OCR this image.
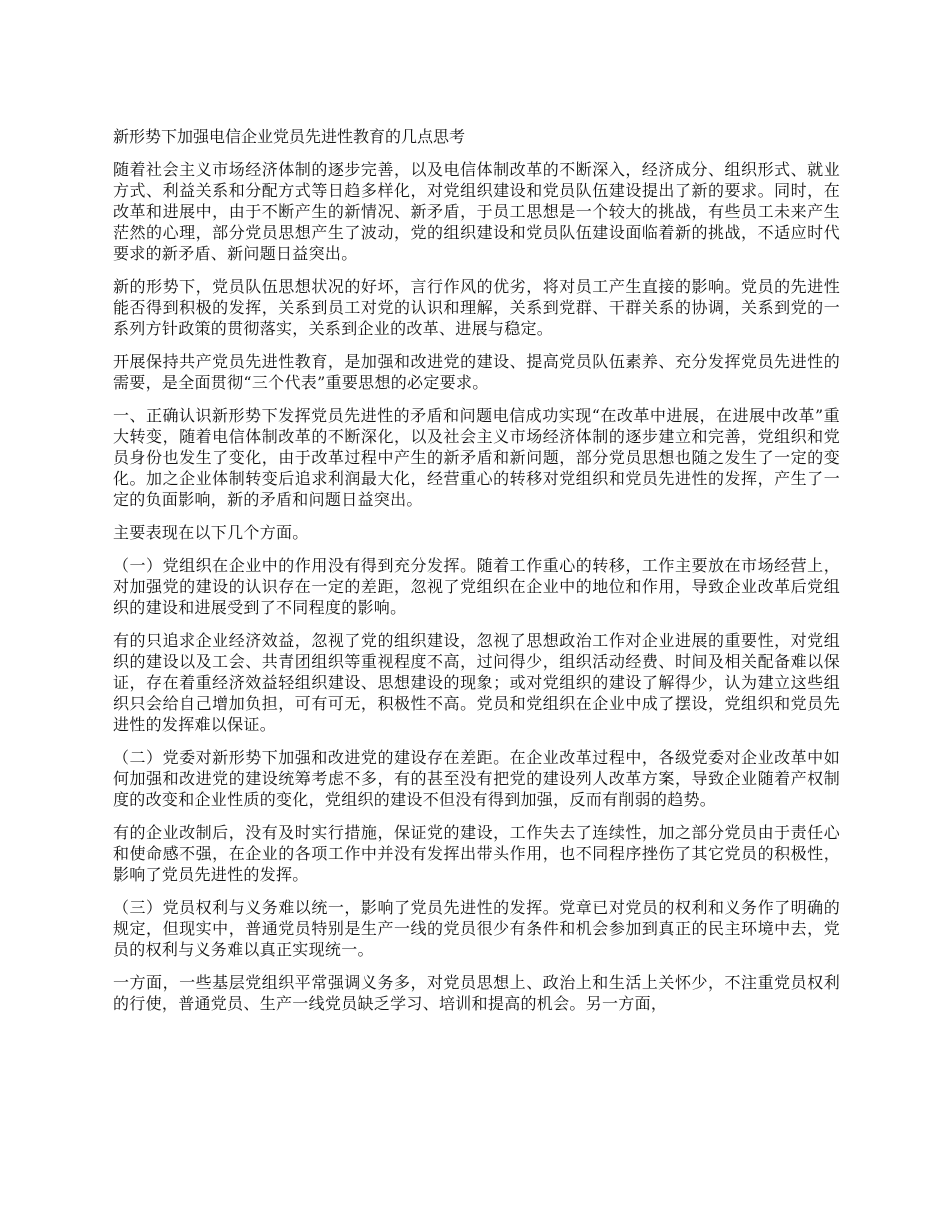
新形势下加强电信企业党员先进性教育的几点思考

随着社会主义市场经济体制的逐步完善，以及电信体制改革的不断深入，经济成分、组织形式、就业方式、利益关系和分配方式等日趋多样化，对党组织建设和党员队伍建设提出了新的要求。同时，在改革和进展中，由于不断产生的新情况、新矛盾，于员工思想是一个较大的挑战，有些员工未来产生茫然的心理，部分党员思想产生了波动，党的组织建设和党员队伍建设面临着新的挑战，不适应时代要求的新矛盾、新问题日益突出。

新的形势下，党员队伍思想状况的好坏，言行作风的优劣，将对员工产生直接的影响。党员的先进性能否得到积极的发挥，关系到员工对党的认识和理解，关系到党群、干群关系的协调，关系到党的一系列方针政策的贯彻落实，关系到企业的改革、进展与稳定。

开展保持共产党员先进性教育，是加强和改进党的建设、提高党员队伍素养、充分发挥党员先进性的需要，是全面贯彻“三个代表”重要思想的必定要求。

一、正确认识新形势下发挥党员先进性的矛盾和问题电信成功实现“在改革中进展，在进展中改革”重大转变，随着电信体制改革的不断深化，以及社会主义市场经济体制的逐步建立和完善，党组织和党员身份也发生了变化，由于改革过程中产生的新矛盾和新问题，部分党员思想也随之发生了一定的变化。加之企业体制转变后追求利润最大化，经营重心的转移对党组织和党员先进性的发挥，产生了一定的负面影响，新的矛盾和问题日益突出。

主要表现在以下几个方面。

（一）党组织在企业中的作用没有得到充分发挥。随着工作重心的转移，工作主要放在市场经营上，对加强党的建设的认识存在一定的差距，忽视了党组织在企业中的地位和作用，导致企业改革后党组织的建设和进展受到了不同程度的影响。

有的只追求企业经济效益，忽视了党的组织建设，忽视了思想政治工作对企业进展的重要性，对党组织的建设以及工会、共青团组织等重视程度不高，过问得少，组织活动经费、时间及相关配备难以保证，存在着重经济效益轻组织建设、思想建设的现象；或对党组织的建设了解得少，认为建立这些组织只会给自己增加负担，可有可无，积极性不高。党员和党组织在企业中成了摆设，党组织和党员先进性的发挥难以保证。

（二）党委对新形势下加强和改进党的建设存在差距。在企业改革过程中，各级党委对企业改革中如何加强和改进党的建设统筹考虑不多，有的甚至没有把党的建设列人改革方案，导致企业随着产权制度的改变和企业性质的变化，党组织的建设不但没有得到加强，反而有削弱的趋势。

有的企业改制后，没有及时实行措施，保证党的建设，工作失去了连续性，加之部分党员由于责任心和使命感不强，在企业的各项工作中并没有发挥出带头作用，也不同程序挫伤了其它党员的积极性，影响了党员先进性的发挥。

（三）党员权利与义务难以统一，影响了党员先进性的发挥。党章已对党员的权利和义务作了明确的规定，但现实中，普通党员特别是生产一线的党员很少有条件和机会参加到真正的民主环境中去，党员的权利与义务难以真正实现统一。

一方面，一些基层党组织平常强调义务多，对党员思想上、政治上和生活上关怀少，不注重党员权利的行使，普通党员、生产一线党员缺乏学习、培训和提高的机会。另一方面，
